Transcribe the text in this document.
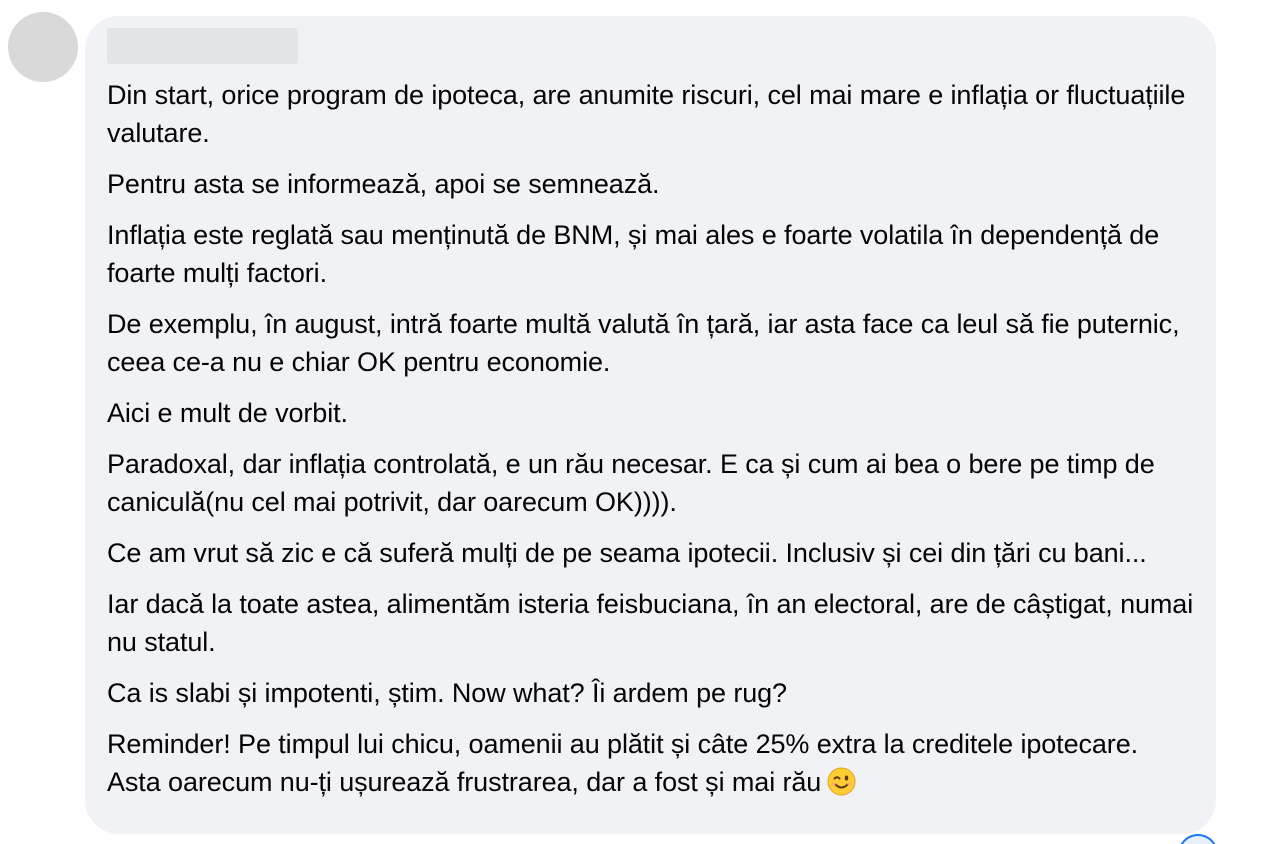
Din start, orice program de ipoteca, are anumite riscuri, cel mai mare e inflația or fluctuațiile valutare.

Pentru asta se informează, apoi se semnează.

Inflația este reglată sau menținută de BNM, și mai ales e foarte volatila în dependență de foarte mulți factori.

De exemplu, în august, intră foarte multă valută în țară, iar asta face ca leul să fie puternic, ceea ce-a nu e chiar OK pentru economie.

Aici e mult de vorbit.

Paradoxal, dar inflația controlată, e un rău necesar. E ca și cum ai bea o bere pe timp de caniculă(nu cel mai potrivit, dar oarecum OK)))).

Ce am vrut să zic e că suferă mulți de pe seama ipotecii. Inclusiv și cei din țări cu bani...

Iar dacă la toate astea, alimentăm isteria feisbuciana, în an electoral, are de câștigat, numai nu statul.

Ca is slabi și impotenti, știm. Now what? Îi ardem pe rug?

Reminder! Pe timpul lui chicu, oamenii au plătit și câte 25% extra la creditele ipotecare. Asta oarecum nu-ți ușurează frustrarea, dar a fost și mai rău
